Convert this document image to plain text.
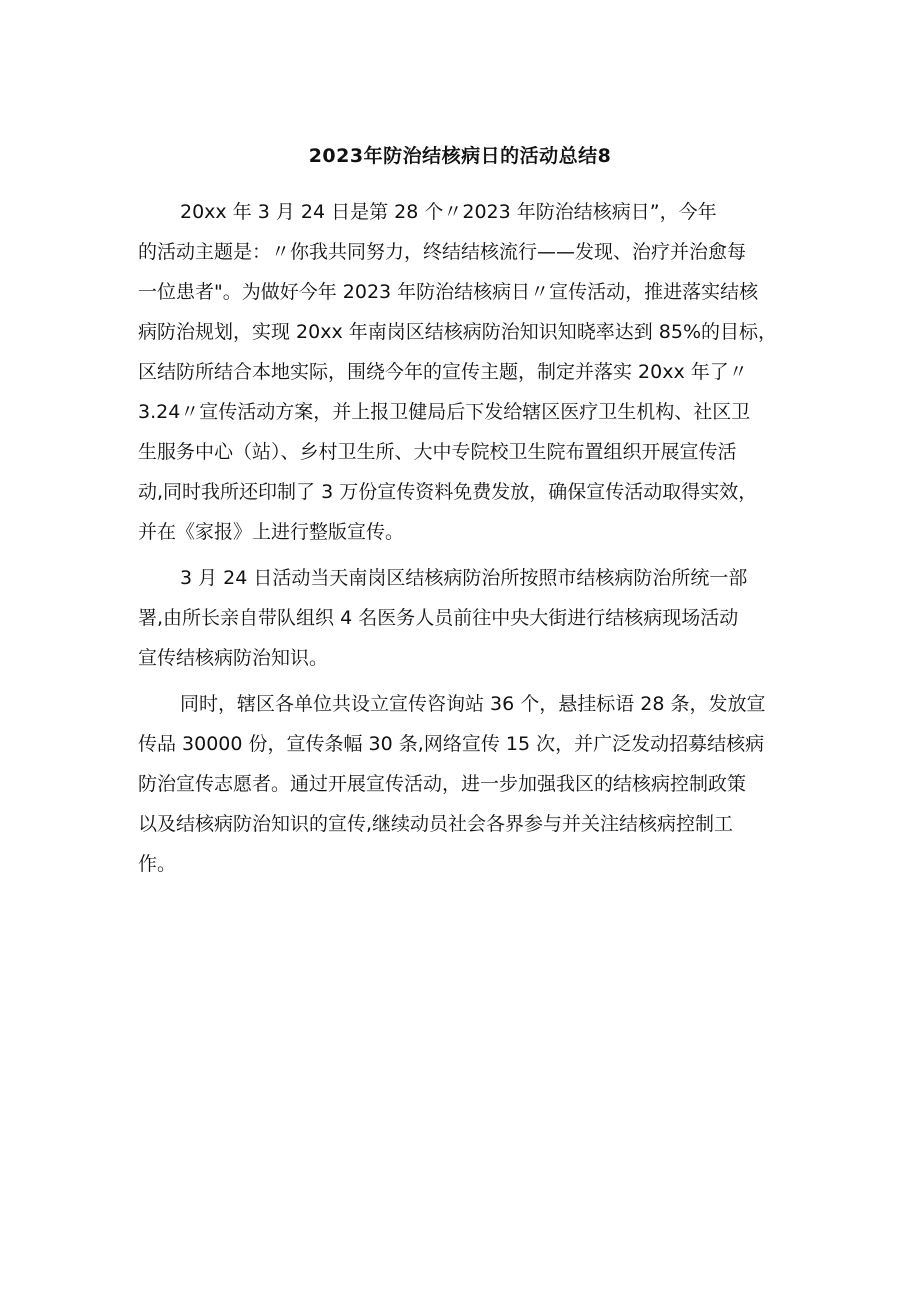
2023年防治结核病日的活动总结8

20xx 年 3 月 24 日是第 28 个〃2023 年防治结核病日”，今年
的活动主题是：〃你我共同努力，终结结核流行——发现、治疗并治愈每
一位患者"。为做好今年 2023 年防治结核病日〃宣传活动，推进落实结核
病防治规划，实现 20xx 年南岗区结核病防治知识知晓率达到 85%的目标，
区结防所结合本地实际，围绕今年的宣传主题，制定并落实 20xx 年了〃
3.24〃宣传活动方案，并上报卫健局后下发给辖区医疗卫生机构、社区卫
生服务中心（站）、乡村卫生所、大中专院校卫生院布置组织开展宣传活
动,同时我所还印制了 3 万份宣传资料免费发放，确保宣传活动取得实效，
并在《家报》上进行整版宣传。

3 月 24 日活动当天南岗区结核病防治所按照市结核病防治所统一部
署,由所长亲自带队组织 4 名医务人员前往中央大街进行结核病现场活动
宣传结核病防治知识。

同时，辖区各单位共设立宣传咨询站 36 个，悬挂标语 28 条，发放宣
传品 30000 份，宣传条幅 30 条,网络宣传 15 次，并广泛发动招募结核病
防治宣传志愿者。通过开展宣传活动，进一步加强我区的结核病控制政策
以及结核病防治知识的宣传,继续动员社会各界参与并关注结核病控制工
作。
